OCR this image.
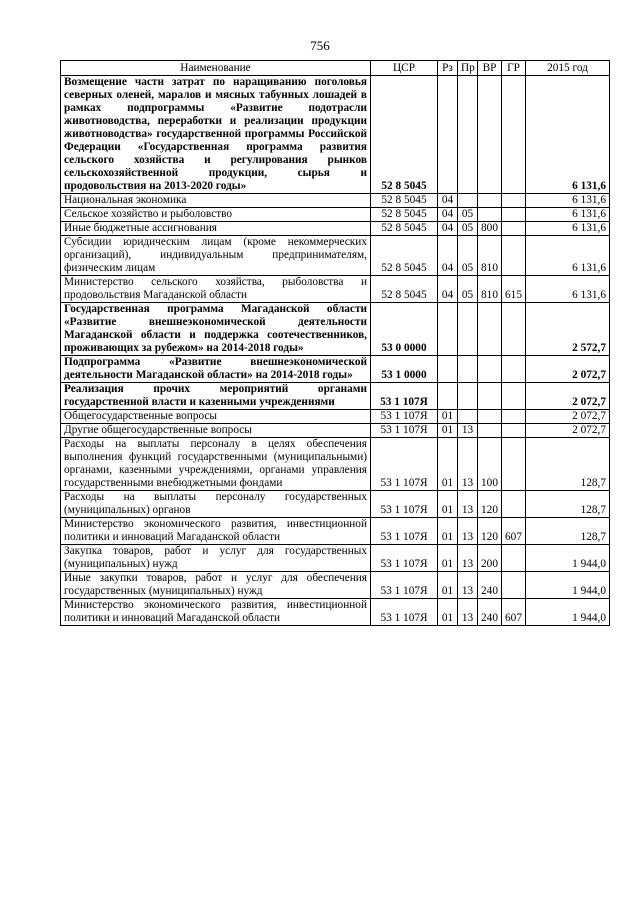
756
Наименование	ЦСР	Рз	Пр	ВР	ГР	2015 год
Возмещение части затрат по наращиванию поголовья северных оленей, маралов и мясных табунных лошадей в рамках подпрограммы «Развитие подотрасли животноводства, переработки и реализации продукции животноводства» государственной программы Российской Федерации «Государственная программа развития сельского хозяйства и регулирования рынков сельскохозяйственной продукции, сырья и продовольствия на 2013-2020 годы»	52 8 5045					6 131,6
Национальная экономика	52 8 5045	04				6 131,6
Сельское хозяйство и рыболовство	52 8 5045	04	05			6 131,6
Иные бюджетные ассигнования	52 8 5045	04	05	800		6 131,6
Субсидии юридическим лицам (кроме некоммерческих организаций), индивидуальным предпринимателям, физическим лицам	52 8 5045	04	05	810		6 131,6
Министерство сельского хозяйства, рыболовства и продовольствия Магаданской области	52 8 5045	04	05	810	615	6 131,6
Государственная программа Магаданской области «Развитие внешнеэкономической деятельности Магаданской области и поддержка соотечественников, проживающих за рубежом» на 2014-2018 годы»	53 0 0000					2 572,7
Подпрограмма «Развитие внешнеэкономической деятельности Магаданской области» на 2014-2018 годы»	53 1 0000					2 072,7
Реализация прочих мероприятий органами государственной власти и казенными учреждениями	53 1 107Я					2 072,7
Общегосударственные вопросы	53 1 107Я	01				2 072,7
Другие общегосударственные вопросы	53 1 107Я	01	13			2 072,7
Расходы на выплаты персоналу в целях обеспечения выполнения функций государственными (муниципальными) органами, казенными учреждениями, органами управления государственными внебюджетными фондами	53 1 107Я	01	13	100		128,7
Расходы на выплаты персоналу государственных (муниципальных) органов	53 1 107Я	01	13	120		128,7
Министерство экономического развития, инвестиционной политики и инноваций Магаданской области	53 1 107Я	01	13	120	607	128,7
Закупка товаров, работ и услуг для государственных (муниципальных) нужд	53 1 107Я	01	13	200		1 944,0
Иные закупки товаров, работ и услуг для обеспечения государственных (муниципальных) нужд	53 1 107Я	01	13	240		1 944,0
Министерство экономического развития, инвестиционной политики и инноваций Магаданской области	53 1 107Я	01	13	240	607	1 944,0
